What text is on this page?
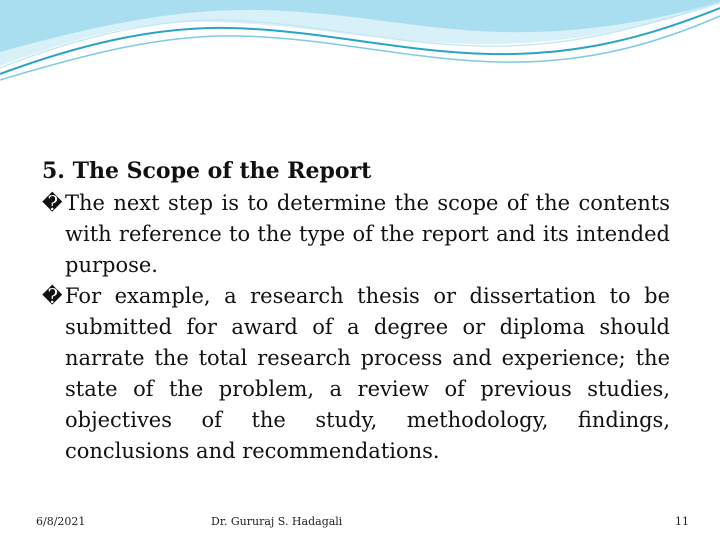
5. The Scope of the Report

� The next step is to determine the scope of the contents with reference to the type of the report and its intended purpose.

� For example, a research thesis or dissertation to be submitted for award of a degree or diploma should narrate the total research process and experience; the state of the problem, a review of previous studies, objectives of the study, methodology, findings, conclusions and recommendations.

6/8/2021	Dr. Gururaj S. Hadagali	11
